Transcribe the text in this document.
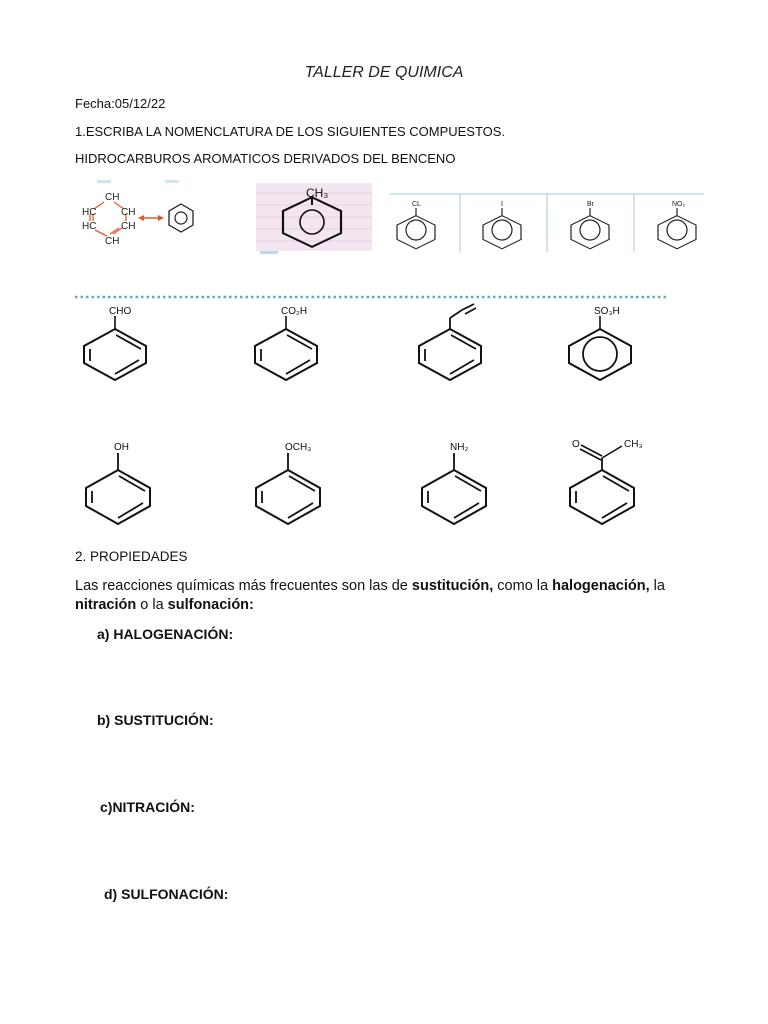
TALLER DE QUIMICA
Fecha:05/12/22
1.ESCRIBA LA NOMENCLATURA DE LOS SIGUIENTES COMPUESTOS.
HIDROCARBUROS AROMATICOS DERIVADOS DEL BENCENO
CH
HC CH
HC CH
CH
CH₃
CL	I	Br	NO₂
CHO	CO₂H	SO₃H
OH	OCH₃	NH₂	O	CH₃
2. PROPIEDADES
Las reacciones químicas más frecuentes son las de sustitución, como la halogenación, la
nitración o la sulfonación:
a) HALOGENACIÓN:
b) SUSTITUCIÓN:
c)NITRACIÓN:
d) SULFONACIÓN:
